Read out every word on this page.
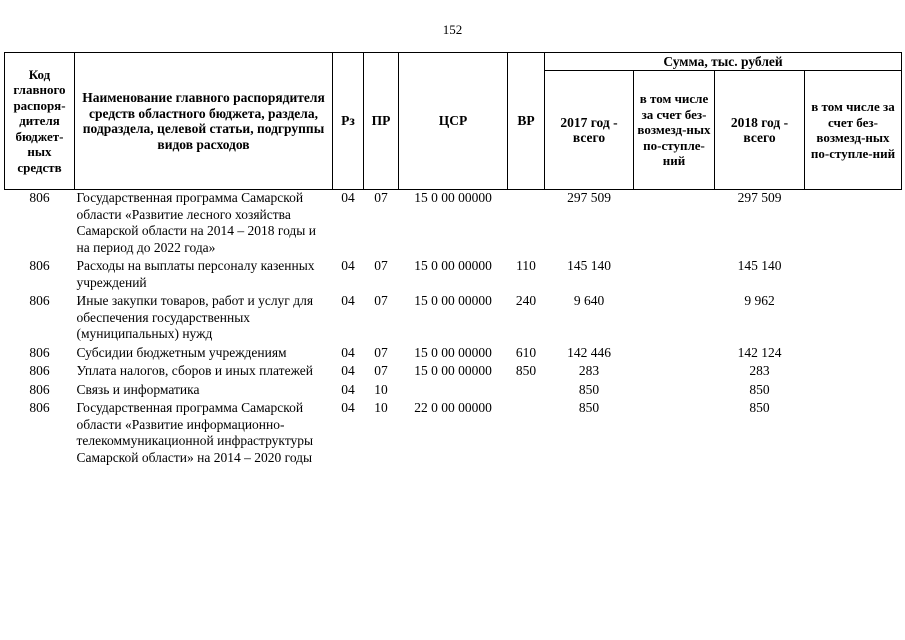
152
Код главного распоря-дителя бюджет-ных средств	Наименование главного распорядителя средств областного бюджета, раздела, подраздела, целевой статьи, подгруппы видов расходов	Рз	ПР	ЦСР	ВР	Сумма, тыс. рублей			
						2017 год - всего	в том числе за счет без-возмезд-ных по-ступле-ний	2018 год - всего	в том числе за счет без-возмезд-ных по-ступле-ний
806	Государственная программа Самарской области «Развитие лесного хозяйства Самарской области на 2014 – 2018 годы и на период до 2022 года»	04	07	15 0 00 00000		297 509		297 509	
806	Расходы на выплаты персоналу казенных учреждений	04	07	15 0 00 00000	110	145 140		145 140	
806	Иные закупки товаров, работ и услуг для обеспечения государственных (муниципальных) нужд	04	07	15 0 00 00000	240	9 640		9 962	
806	Субсидии бюджетным учреждениям	04	07	15 0 00 00000	610	142 446		142 124	
806	Уплата налогов, сборов и иных платежей	04	07	15 0 00 00000	850	283		283	
806	Связь и информатика	04	10			850		850	
806	Государственная программа Самарской области «Развитие информационно-телекоммуникационной инфраструктуры Самарской области» на 2014 – 2020 годы	04	10	22 0 00 00000		850		850	
